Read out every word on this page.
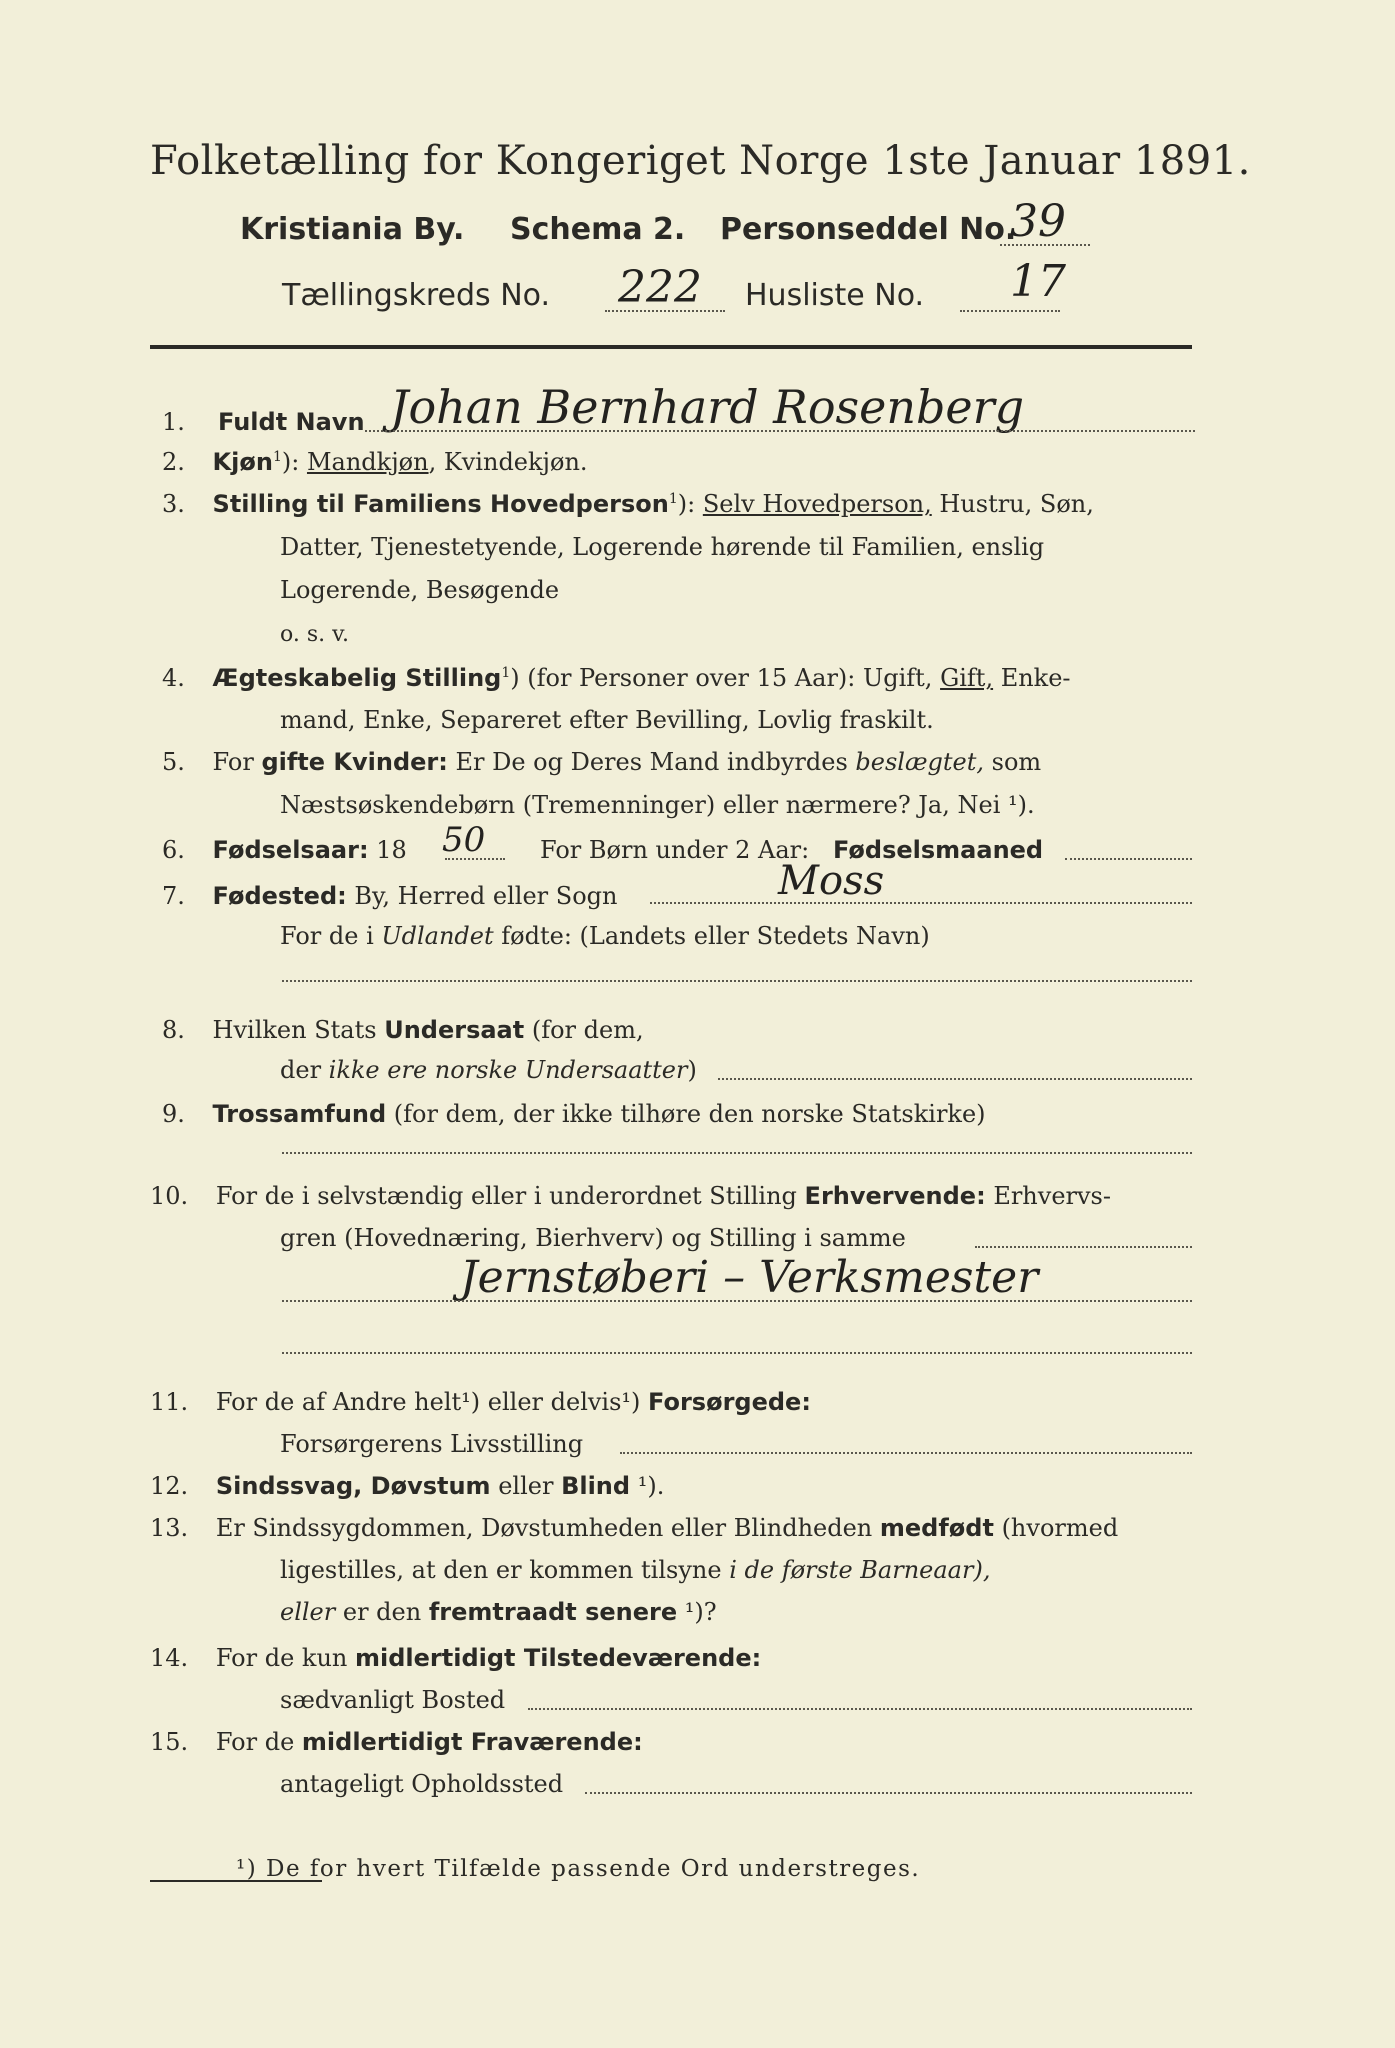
Folketælling for Kongeriget Norge 1ste Januar 1891.
Kristiania By. Schema 2. Personseddel No.
39
Tællingskreds No. 222 Husliste No. 17
1. Fuldt Navn Johan Bernhard Rosenberg
2. Kjøn$^1$): Mandkjøn, Kvindekjøn.
3. Stilling til Familiens Hovedperson$^1$): Selv Hovedperson, Hustru, Søn,
Datter, Tjenestetyende, Logerende hørende til Familien, enslig
Logerende, Besøgende
o. s. v.
4. Ægteskabelig Stilling$^1$) (for Personer over 15 Aar): Ugift, Gift, Enke-
mand, Enke, Separeret efter Bevilling, Lovlig fraskilt.
5. For gifte Kvinder: Er De og Deres Mand indbyrdes beslægtet, som
Næstsøskendebørn (Tremenninger) eller nærmere? Ja, Nei ¹).
6. Fødselsaar: 18 50 For Børn under 2 Aar: Fødselsmaaned
7. Fødested: By, Herred eller Sogn	Moss
For de i Udlandet fødte: (Landets eller Stedets Navn)
8. Hvilken Stats Undersaat (for dem,
der ikke ere norske Undersaatter)
9. Trossamfund (for dem, der ikke tilhøre den norske Statskirke)
10. For de i selvstændig eller i underordnet Stilling Erhvervende: Erhvervs-
gren (Hovednæring, Bierhverv) og Stilling i samme
Jernstøberi – Verksmester
11. For de af Andre helt¹) eller delvis¹) Forsørgede:
Forsørgerens Livsstilling
12. Sindssvag, Døvstum eller Blind ¹).
13. Er Sindssygdommen, Døvstumheden eller Blindheden medfødt (hvormed
ligestilles, at den er kommen tilsyne i de første Barneaar),
eller er den fremtraadt senere ¹)?
14. For de kun midlertidigt Tilstedeværende:
sædvanligt Bosted
15. For de midlertidigt Fraværende:
antageligt Opholdssted
¹) De for hvert Tilfælde passende Ord understreges.
